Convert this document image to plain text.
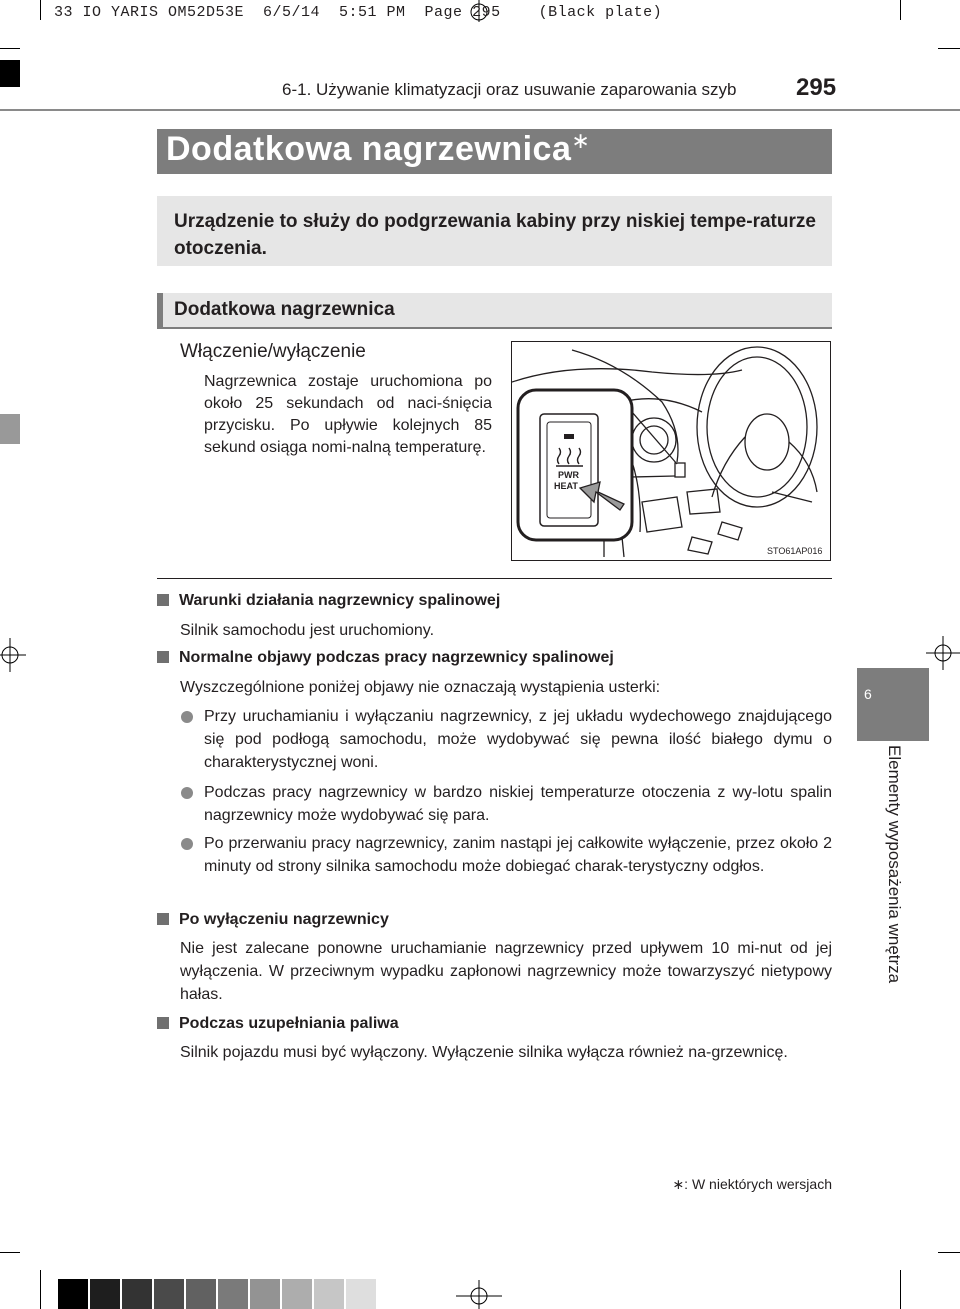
33 IO YARIS OM52D53E  6/5/14  5:51 PM  Page 295    (Black plate)
6-1. Używanie klimatyzacji oraz usuwanie zaparowania szyb 295
Dodatkowa nagrzewnica∗
Urządzenie to służy do podgrzewania kabiny przy niskiej tempe-raturze otoczenia.
Dodatkowa nagrzewnica
Włączenie/wyłączenie
Nagrzewnica zostaje uruchomiona po około 25 sekundach od naci-śnięcia przycisku. Po upływie kolejnych 85 sekund osiąga nomi-nalną temperaturę.
PWR
HEAT
STO61AP016
Warunki działania nagrzewnicy spalinowej
Silnik samochodu jest uruchomiony.
Normalne objawy podczas pracy nagrzewnicy spalinowej
Wyszczególnione poniżej objawy nie oznaczają wystąpienia usterki:
Przy uruchamianiu i wyłączaniu nagrzewnicy, z jej układu wydechowego znajdującego się pod podłogą samochodu, może wydobywać się pewna ilość białego dymu o charakterystycznej woni.
Podczas pracy nagrzewnicy w bardzo niskiej temperaturze otoczenia z wy-lotu spalin nagrzewnicy może wydobywać się para.
Po przerwaniu pracy nagrzewnicy, zanim nastąpi jej całkowite wyłączenie, przez około 2 minuty od strony silnika samochodu może dobiegać charak-terystyczny odgłos.
Po wyłączeniu nagrzewnicy
Nie jest zalecane ponowne uruchamianie nagrzewnicy przed upływem 10 mi-nut od jej wyłączenia. W przeciwnym wypadku zapłonowi nagrzewnicy może towarzyszyć nietypowy hałas.
Podczas uzupełniania paliwa
Silnik pojazdu musi być wyłączony. Wyłączenie silnika wyłącza również na-grzewnicę.
6
Elementy wyposażenia wnętrza
∗: W niektórych wersjach
carmanualsonline.info
